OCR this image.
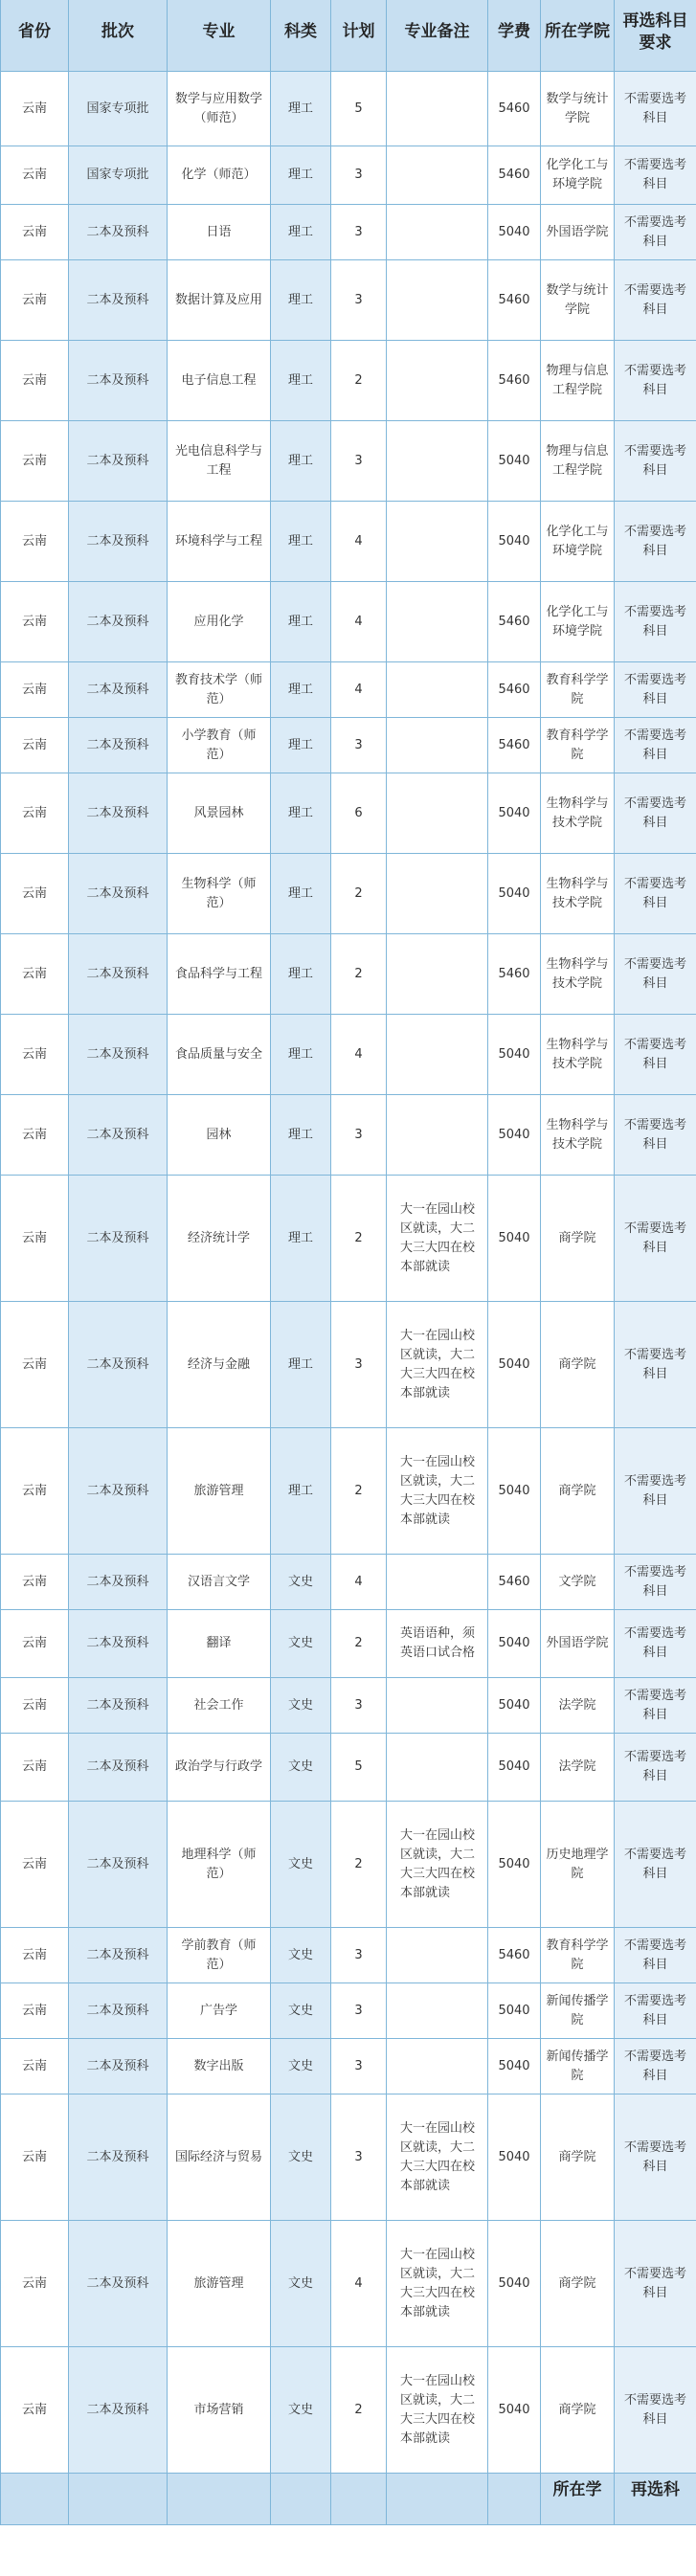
省份	批次	专业	科类	计划	专业备注	学费	所在学院	再选科目要求
云南	国家专项批	数学与应用数学（师范）	理工	5		5460	数学与统计学院	不需要选考科目
云南	国家专项批	化学（师范）	理工	3		5460	化学化工与环境学院	不需要选考科目
云南	二本及预科	日语	理工	3		5040	外国语学院	不需要选考科目
云南	二本及预科	数据计算及应用	理工	3		5460	数学与统计学院	不需要选考科目
云南	二本及预科	电子信息工程	理工	2		5460	物理与信息工程学院	不需要选考科目
云南	二本及预科	光电信息科学与工程	理工	3		5040	物理与信息工程学院	不需要选考科目
云南	二本及预科	环境科学与工程	理工	4		5040	化学化工与环境学院	不需要选考科目
云南	二本及预科	应用化学	理工	4		5460	化学化工与环境学院	不需要选考科目
云南	二本及预科	教育技术学（师范）	理工	4		5460	教育科学学院	不需要选考科目
云南	二本及预科	小学教育（师范）	理工	3		5460	教育科学学院	不需要选考科目
云南	二本及预科	风景园林	理工	6		5040	生物科学与技术学院	不需要选考科目
云南	二本及预科	生物科学（师范）	理工	2		5040	生物科学与技术学院	不需要选考科目
云南	二本及预科	食品科学与工程	理工	2		5460	生物科学与技术学院	不需要选考科目
云南	二本及预科	食品质量与安全	理工	4		5040	生物科学与技术学院	不需要选考科目
云南	二本及预科	园林	理工	3		5040	生物科学与技术学院	不需要选考科目
云南	二本及预科	经济统计学	理工	2	大一在园山校区就读，大二大三大四在校本部就读	5040	商学院	不需要选考科目
云南	二本及预科	经济与金融	理工	3	大一在园山校区就读，大二大三大四在校本部就读	5040	商学院	不需要选考科目
云南	二本及预科	旅游管理	理工	2	大一在园山校区就读，大二大三大四在校本部就读	5040	商学院	不需要选考科目
云南	二本及预科	汉语言文学	文史	4		5460	文学院	不需要选考科目
云南	二本及预科	翻译	文史	2	英语语种，须英语口试合格	5040	外国语学院	不需要选考科目
云南	二本及预科	社会工作	文史	3		5040	法学院	不需要选考科目
云南	二本及预科	政治学与行政学	文史	5		5040	法学院	不需要选考科目
云南	二本及预科	地理科学（师范）	文史	2	大一在园山校区就读，大二大三大四在校本部就读	5040	历史地理学院	不需要选考科目
云南	二本及预科	学前教育（师范）	文史	3		5460	教育科学学院	不需要选考科目
云南	二本及预科	广告学	文史	3		5040	新闻传播学院	不需要选考科目
云南	二本及预科	数字出版	文史	3		5040	新闻传播学院	不需要选考科目
云南	二本及预科	国际经济与贸易	文史	3	大一在园山校区就读，大二大三大四在校本部就读	5040	商学院	不需要选考科目
云南	二本及预科	旅游管理	文史	4	大一在园山校区就读，大二大三大四在校本部就读	5040	商学院	不需要选考科目
云南	二本及预科	市场营销	文史	2	大一在园山校区就读，大二大三大四在校本部就读	5040	商学院	不需要选考科目
							所在学	再选科
